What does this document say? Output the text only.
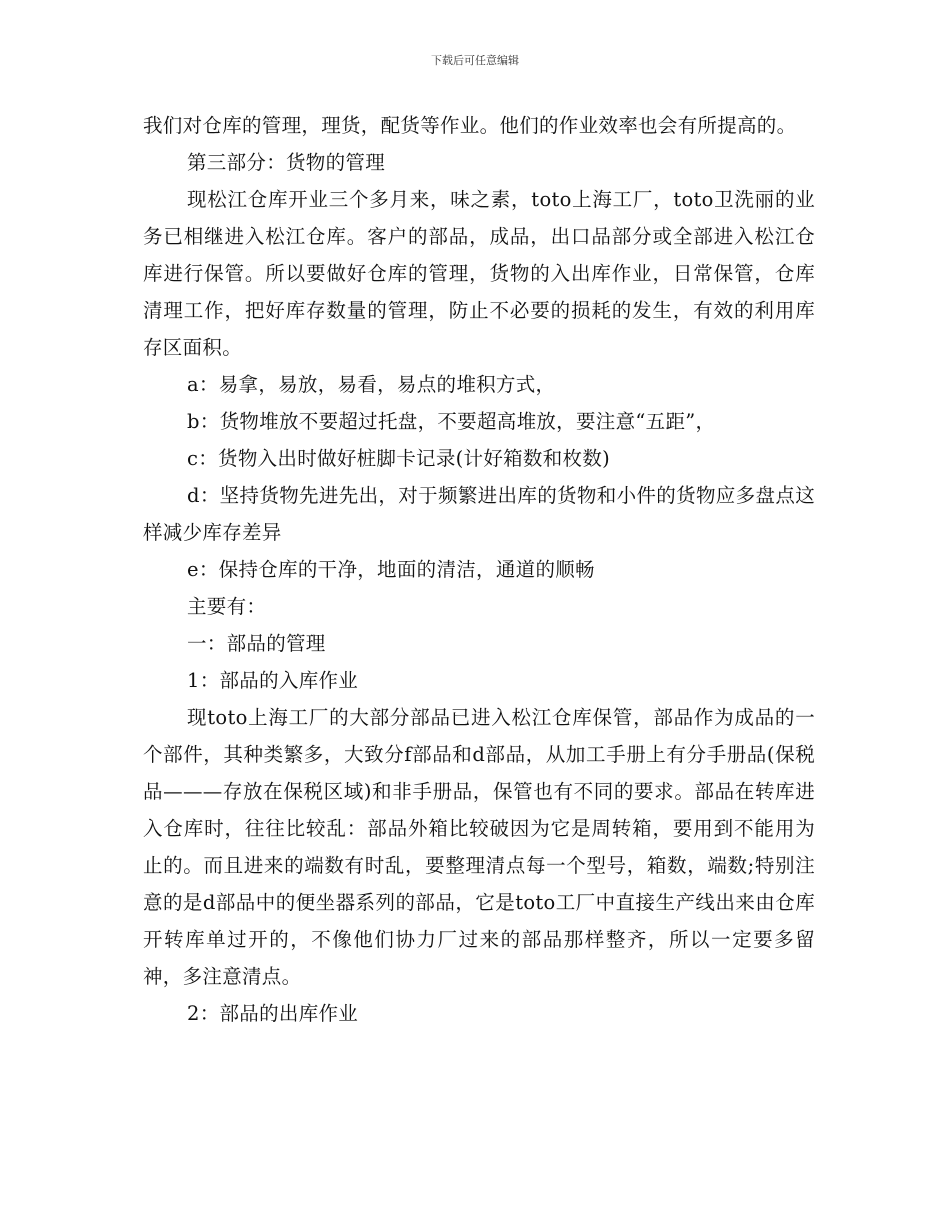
下载后可任意编辑

我们对仓库的管理，理货，配货等作业。他们的作业效率也会有所提高的。

第三部分：货物的管理

现松江仓库开业三个多月来，味之素，toto上海工厂，toto卫洗丽的业务已相继进入松江仓库。客户的部品，成品，出口品部分或全部进入松江仓库进行保管。所以要做好仓库的管理，货物的入出库作业，日常保管，仓库清理工作，把好库存数量的管理，防止不必要的损耗的发生，有效的利用库存区面积。

a：易拿，易放，易看，易点的堆积方式，

b：货物堆放不要超过托盘，不要超高堆放，要注意“五距”，

c：货物入出时做好桩脚卡记录(计好箱数和枚数)

d：坚持货物先进先出，对于频繁进出库的货物和小件的货物应多盘点这样减少库存差异

e：保持仓库的干净，地面的清洁，通道的顺畅

主要有：

一：部品的管理

1：部品的入库作业

现toto上海工厂的大部分部品已进入松江仓库保管，部品作为成品的一个部件，其种类繁多，大致分f部品和d部品，从加工手册上有分手册品(保税品———存放在保税区域)和非手册品，保管也有不同的要求。部品在转库进入仓库时，往往比较乱：部品外箱比较破因为它是周转箱，要用到不能用为止的。而且进来的端数有时乱，要整理清点每一个型号，箱数，端数;特别注意的是d部品中的便坐器系列的部品，它是toto工厂中直接生产线出来由仓库开转库单过开的，不像他们协力厂过来的部品那样整齐，所以一定要多留神，多注意清点。

2：部品的出库作业
